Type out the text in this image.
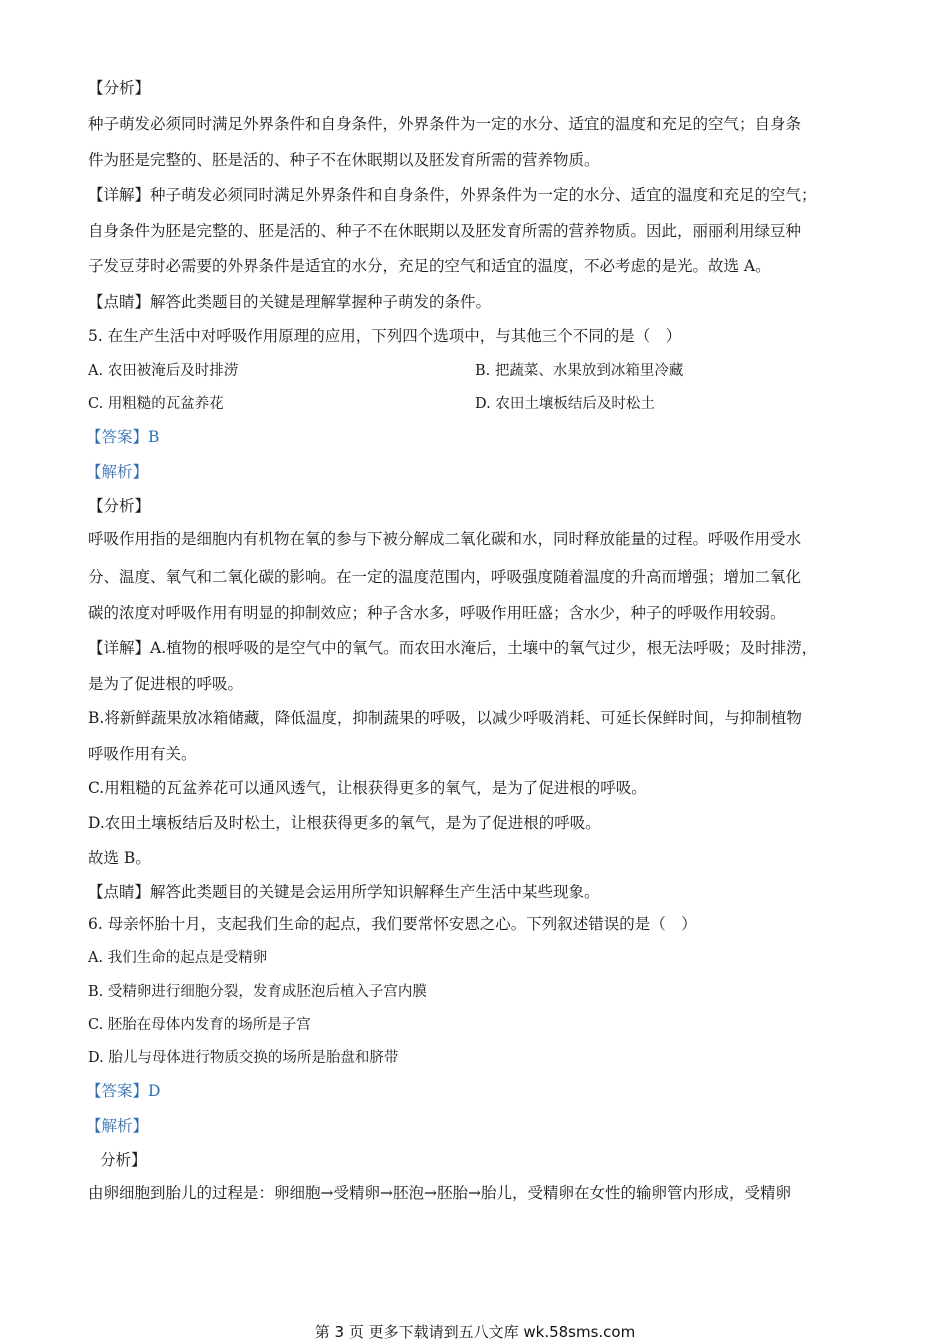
【分析】
种子萌发必须同时满足外界条件和自身条件，外界条件为一定的水分、适宜的温度和充足的空气；自身条
件为胚是完整的、胚是活的、种子不在休眠期以及胚发育所需的营养物质。
【详解】种子萌发必须同时满足外界条件和自身条件，外界条件为一定的水分、适宜的温度和充足的空气；
自身条件为胚是完整的、胚是活的、种子不在休眠期以及胚发育所需的营养物质。因此，丽丽利用绿豆种
子发豆芽时必需要的外界条件是适宜的水分，充足的空气和适宜的温度，不必考虑的是光。故选 A。
【点睛】解答此类题目的关键是理解掌握种子萌发的条件。
5. 在生产生活中对呼吸作用原理的应用，下列四个选项中，与其他三个不同的是（　）
A. 农田被淹后及时排涝	B. 把蔬菜、水果放到冰箱里冷藏
C. 用粗糙的瓦盆养花	D. 农田土壤板结后及时松土
【答案】B
【解析】
【分析】
呼吸作用指的是细胞内有机物在氧的参与下被分解成二氧化碳和水，同时释放能量的过程。呼吸作用受水
分、温度、氧气和二氧化碳的影响。在一定的温度范围内，呼吸强度随着温度的升高而增强；增加二氧化
碳的浓度对呼吸作用有明显的抑制效应；种子含水多，呼吸作用旺盛；含水少，种子的呼吸作用较弱。
【详解】A.植物的根呼吸的是空气中的氧气。而农田水淹后，土壤中的氧气过少，根无法呼吸；及时排涝，
是为了促进根的呼吸。
B.将新鲜蔬果放冰箱储藏，降低温度，抑制蔬果的呼吸，以减少呼吸消耗、可延长保鲜时间，与抑制植物
呼吸作用有关。
C.用粗糙的瓦盆养花可以通风透气，让根获得更多的氧气，是为了促进根的呼吸。
D.农田土壤板结后及时松土，让根获得更多的氧气，是为了促进根的呼吸。
故选 B。
【点睛】解答此类题目的关键是会运用所学知识解释生产生活中某些现象。
6. 母亲怀胎十月，支起我们生命的起点，我们要常怀安恩之心。下列叙述错误的是（　）
A. 我们生命的起点是受精卵
B. 受精卵进行细胞分裂，发育成胚泡后植入子宫内膜
C. 胚胎在母体内发育的场所是子宫
D. 胎儿与母体进行物质交换的场所是胎盘和脐带
【答案】D
【解析】
分析】
由卵细胞到胎儿的过程是：卵细胞→受精卵→胚泡→胚胎→胎儿，受精卵在女性的输卵管内形成，受精卵
第 3 页 更多下载请到五八文库 wk.58sms.com
